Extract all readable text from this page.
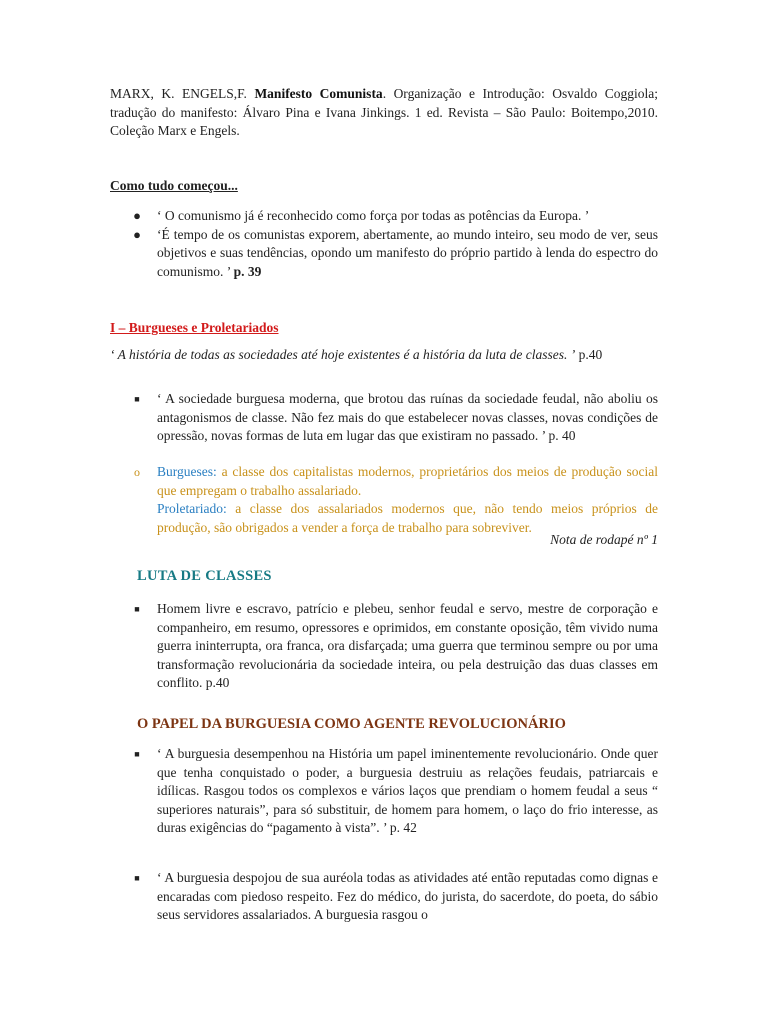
MARX, K. ENGELS,F. Manifesto Comunista. Organização e Introdução: Osvaldo Coggiola; tradução do manifesto: Álvaro Pina e Ivana Jinkings. 1 ed. Revista – São Paulo: Boitempo,2010. Coleção Marx e Engels.
Como tudo começou...
● ‘ O comunismo já é reconhecido como força por todas as potências da Europa. ’
● ‘É tempo de os comunistas exporem, abertamente, ao mundo inteiro, seu modo de ver, seus objetivos e suas tendências, opondo um manifesto do próprio partido à lenda do espectro do comunismo. ’ p. 39
I – Burgueses e Proletariados
‘ A história de todas as sociedades até hoje existentes é a história da luta de classes. ’ p.40
■ ‘ A sociedade burguesa moderna, que brotou das ruínas da sociedade feudal, não aboliu os antagonismos de classe. Não fez mais do que estabelecer novas classes, novas condições de opressão, novas formas de luta em lugar das que existiram no passado. ’ p. 40
o Burgueses: a classe dos capitalistas modernos, proprietários dos meios de produção social que empregam o trabalho assalariado.
Proletariado: a classe dos assalariados modernos que, não tendo meios próprios de produção, são obrigados a vender a força de trabalho para sobreviver.
Nota de rodapé nº 1
LUTA DE CLASSES
■ Homem livre e escravo, patrício e plebeu, senhor feudal e servo, mestre de corporação e companheiro, em resumo, opressores e oprimidos, em constante oposição, têm vivido numa guerra ininterrupta, ora franca, ora disfarçada; uma guerra que terminou sempre ou por uma transformação revolucionária da sociedade inteira, ou pela destruição das duas classes em conflito. p.40
O PAPEL DA BURGUESIA COMO AGENTE REVOLUCIONÁRIO
■ ‘ A burguesia desempenhou na História um papel iminentemente revolucionário. Onde quer que tenha conquistado o poder, a burguesia destruiu as relações feudais, patriarcais e idílicas. Rasgou todos os complexos e vários laços que prendiam o homem feudal a seus “ superiores naturais”, para só substituir, de homem para homem, o laço do frio interesse, as duras exigências do “pagamento à vista”. ’ p. 42
■ ‘ A burguesia despojou de sua auréola todas as atividades até então reputadas como dignas e encaradas com piedoso respeito. Fez do médico, do jurista, do sacerdote, do poeta, do sábio seus servidores assalariados. A burguesia rasgou o
